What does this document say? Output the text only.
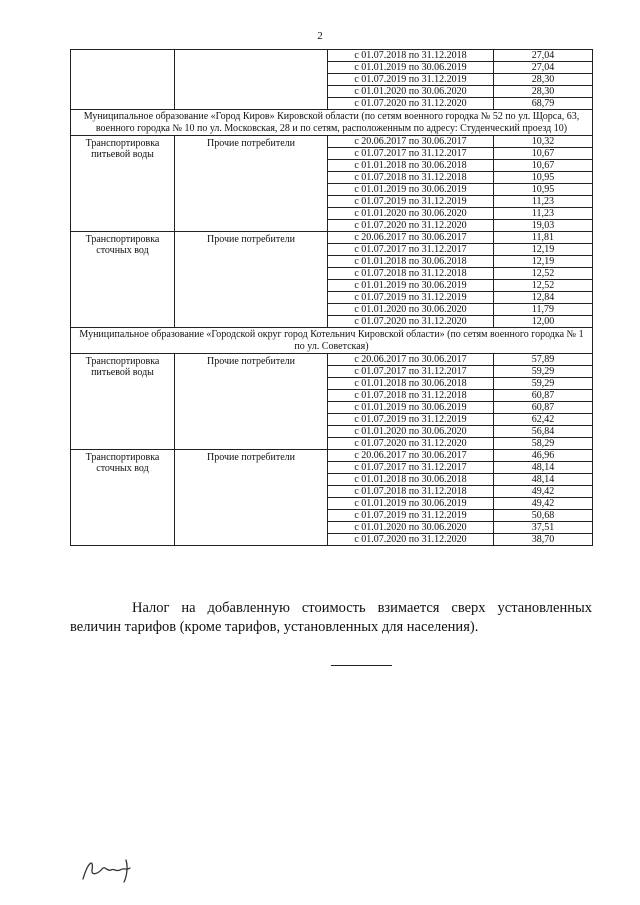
2
		с 01.07.2018 по 31.12.2018	27,04
		с 01.01.2019 по 30.06.2019	27,04
		с 01.07.2019 по 31.12.2019	28,30
		с 01.01.2020 по 30.06.2020	28,30
		с 01.07.2020 по 31.12.2020	68,79
Муниципальное образование «Город Киров» Кировской области (по сетям военного городка № 52 по ул. Щорса, 63, военного городка № 10 по ул. Московская, 28 и по сетям, расположенным по адресу: Студенческий проезд 10)			
Транспортировка питьевой воды	Прочие потребители	с 20.06.2017 по 30.06.2017	10,32
		с 01.07.2017 по 31.12.2017	10,67
		с 01.01.2018 по 30.06.2018	10,67
		с 01.07.2018 по 31.12.2018	10,95
		с 01.01.2019 по 30.06.2019	10,95
		с 01.07.2019 по 31.12.2019	11,23
		с 01.01.2020 по 30.06.2020	11,23
		с 01.07.2020 по 31.12.2020	19,03
Транспортировка сточных вод	Прочие потребители	с 20.06.2017 по 30.06.2017	11,81
		с 01.07.2017 по 31.12.2017	12,19
		с 01.01.2018 по 30.06.2018	12,19
		с 01.07.2018 по 31.12.2018	12,52
		с 01.01.2019 по 30.06.2019	12,52
		с 01.07.2019 по 31.12.2019	12,84
		с 01.01.2020 по 30.06.2020	11,79
		с 01.07.2020 по 31.12.2020	12,00
Муниципальное образование «Городской округ город Котельнич Кировской области» (по сетям военного городка № 1 по ул. Советская)			
Транспортировка питьевой воды	Прочие потребители	с 20.06.2017 по 30.06.2017	57,89
		с 01.07.2017 по 31.12.2017	59,29
		с 01.01.2018 по 30.06.2018	59,29
		с 01.07.2018 по 31.12.2018	60,87
		с 01.01.2019 по 30.06.2019	60,87
		с 01.07.2019 по 31.12.2019	62,42
		с 01.01.2020 по 30.06.2020	56,84
		с 01.07.2020 по 31.12.2020	58,29
Транспортировка сточных вод	Прочие потребители	с 20.06.2017 по 30.06.2017	46,96
		с 01.07.2017 по 31.12.2017	48,14
		с 01.01.2018 по 30.06.2018	48,14
		с 01.07.2018 по 31.12.2018	49,42
		с 01.01.2019 по 30.06.2019	49,42
		с 01.07.2019 по 31.12.2019	50,68
		с 01.01.2020 по 30.06.2020	37,51
		с 01.07.2020 по 31.12.2020	38,70

Налог на добавленную стоимость взимается сверх установленных величин тарифов (кроме тарифов, установленных для населения).
